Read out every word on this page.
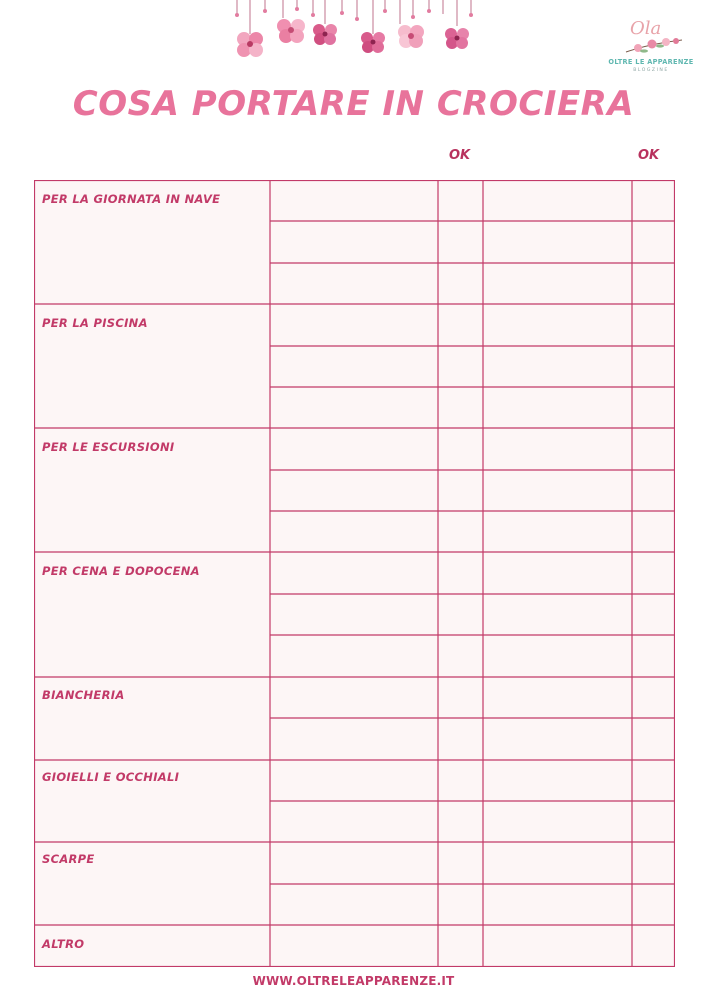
Ola
OLTRE LE APPARENZE
BLOGZINE
COSA PORTARE IN CROCIERA
OK	OK
PER LA GIORNATA IN NAVE
PER LA PISCINA
PER LE ESCURSIONI
PER CENA E DOPOCENA
BIANCHERIA
GIOIELLI E OCCHIALI
SCARPE
ALTRO
WWW.OLTRELEAPPARENZE.IT
